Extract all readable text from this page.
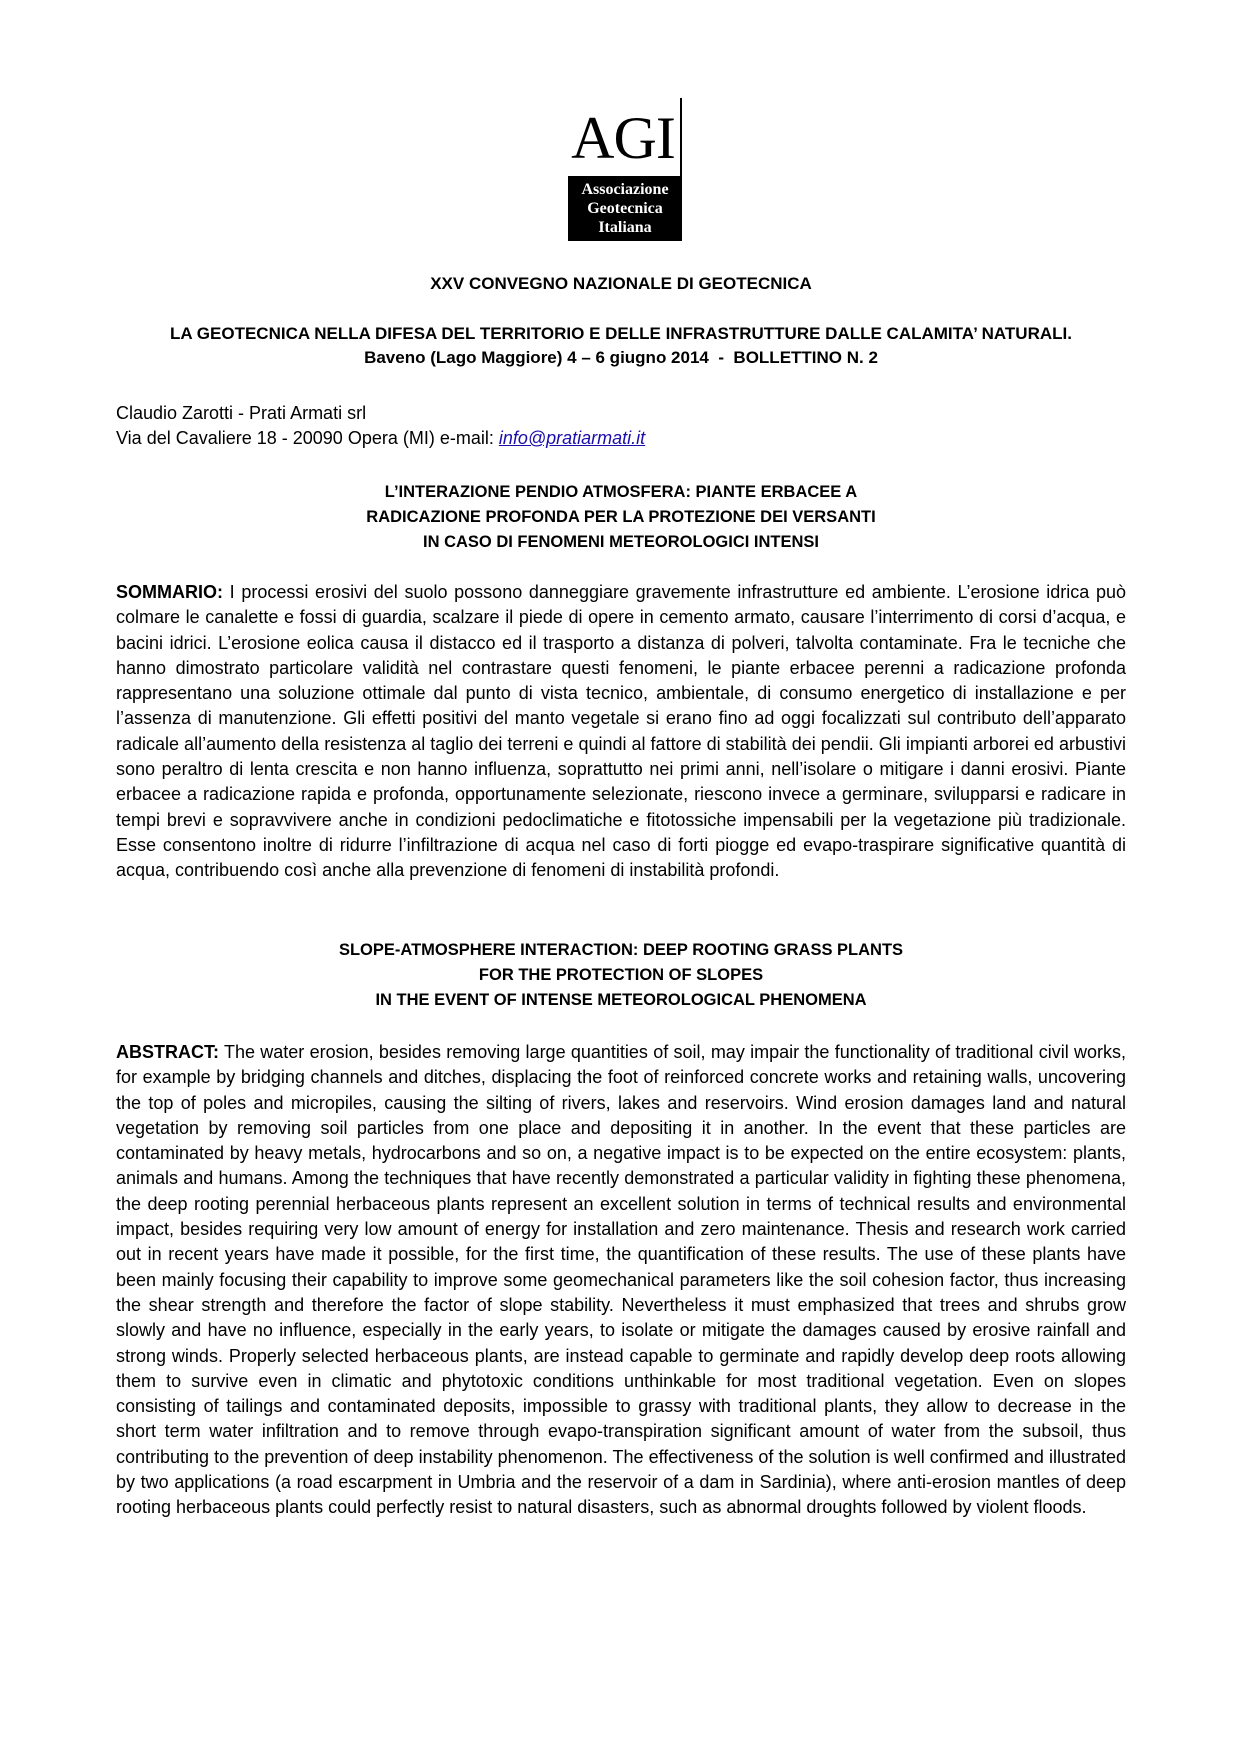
AGI
Associazione
Geotecnica
Italiana
XXV CONVEGNO NAZIONALE DI GEOTECNICA
LA GEOTECNICA NELLA DIFESA DEL TERRITORIO E DELLE INFRASTRUTTURE DALLE CALAMITA’ NATURALI.
Baveno (Lago Maggiore) 4 – 6 giugno 2014  -  BOLLETTINO N. 2
Claudio Zarotti - Prati Armati srl
Via del Cavaliere 18 - 20090 Opera (MI) e-mail: info@pratiarmati.it
L’INTERAZIONE PENDIO ATMOSFERA: PIANTE ERBACEE A
RADICAZIONE PROFONDA PER LA PROTEZIONE DEI VERSANTI
IN CASO DI FENOMENI METEOROLOGICI INTENSI
SOMMARIO: I processi erosivi del suolo possono danneggiare gravemente infrastrutture ed ambiente. L’erosione idrica può colmare le canalette e fossi di guardia, scalzare il piede di opere in cemento armato, causare l’interrimento di corsi d’acqua, e bacini idrici. L’erosione eolica causa il distacco ed il trasporto a distanza di polveri, talvolta contaminate. Fra le tecniche che hanno dimostrato particolare validità nel contrastare questi fenomeni, le piante erbacee perenni a radicazione profonda rappresentano una soluzione ottimale dal punto di vista tecnico, ambientale, di consumo energetico di installazione e per l’assenza di manutenzione. Gli effetti positivi del manto vegetale si erano fino ad oggi focalizzati sul contributo dell’apparato radicale all’aumento della resistenza al taglio dei terreni e quindi al fattore di stabilità dei pendii. Gli impianti arborei ed arbustivi sono peraltro di lenta crescita e non hanno influenza, soprattutto nei primi anni, nell’isolare o mitigare i danni erosivi. Piante erbacee a radicazione rapida e profonda, opportunamente selezionate, riescono invece a germinare, svilupparsi e radicare in tempi brevi e sopravvivere anche in condizioni pedoclimatiche e fitotossiche impensabili per la vegetazione più tradizionale. Esse consentono inoltre di ridurre l’infiltrazione di acqua nel caso di forti piogge ed evapo-traspirare significative quantità di acqua, contribuendo così anche alla prevenzione di fenomeni di instabilità profondi.
SLOPE-ATMOSPHERE INTERACTION: DEEP ROOTING GRASS PLANTS
FOR THE PROTECTION OF SLOPES
IN THE EVENT OF INTENSE METEOROLOGICAL PHENOMENA
ABSTRACT: The water erosion, besides removing large quantities of soil, may impair the functionality of traditional civil works, for example by bridging channels and ditches, displacing the foot of reinforced concrete works and retaining walls, uncovering the top of poles and micropiles, causing the silting of rivers, lakes and reservoirs. Wind erosion damages land and natural vegetation by removing soil particles from one place and depositing it in another. In the event that these particles are contaminated by heavy metals, hydrocarbons and so on, a negative impact is to be expected on the entire ecosystem: plants, animals and humans. Among the techniques that have recently demonstrated a particular validity in fighting these phenomena, the deep rooting perennial herbaceous plants represent an excellent solution in terms of technical results and environmental impact, besides requiring very low amount of energy for installation and zero maintenance. Thesis and research work carried out in recent years have made it possible, for the first time, the quantification of these results. The use of these plants have been mainly focusing their capability to improve some geomechanical parameters like the soil cohesion factor, thus increasing the shear strength and therefore the factor of slope stability. Nevertheless it must emphasized that trees and shrubs grow slowly and have no influence, especially in the early years, to isolate or mitigate the damages caused by erosive rainfall and strong winds. Properly selected herbaceous plants, are instead capable to germinate and rapidly develop deep roots allowing them to survive even in climatic and phytotoxic conditions unthinkable for most traditional vegetation. Even on slopes consisting of tailings and contaminated deposits, impossible to grassy with traditional plants, they allow to decrease in the short term water infiltration and to remove through evapo-transpiration significant amount of water from the subsoil, thus contributing to the prevention of deep instability phenomenon. The effectiveness of the solution is well confirmed and illustrated by two applications (a road escarpment in Umbria and the reservoir of a dam in Sardinia), where anti-erosion mantles of deep rooting herbaceous plants could perfectly resist to natural disasters, such as abnormal droughts followed by violent floods.
